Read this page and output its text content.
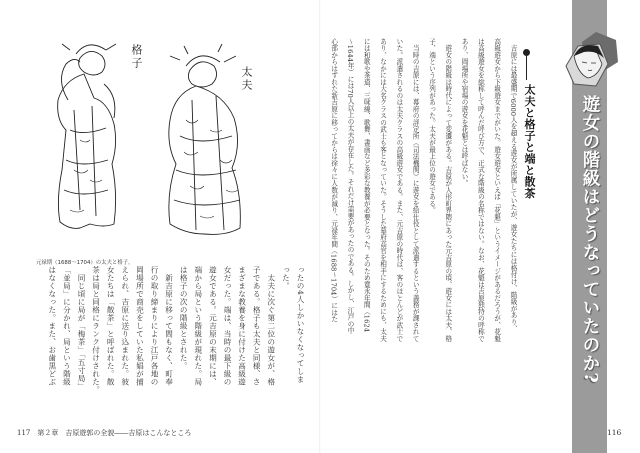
遊女の階級はどうなっていたのか?
太夫と格子と端と散茶
116
　吉原には最盛期で6000人を超える遊女が所属していたが、遊女たちには格付け、階級があり、
高級遊女から下級遊女までがいた。遊女遊女といえば「花魁」というイメージがあるだろうが、花魁
は高級遊女を総称して呼んだ呼び方で、正式な階級の名称ではない。なお、花魁は吉原独特の呼称で
あり、岡場所や宿場の遊女を花魁とは呼ばない。
　遊女の階級は時代によって変遷がある。吉原が人形町界隈にあった元吉原の頃、遊女には太夫、格
子、端という序列があった。太夫が最上位の遊女である。
　当時の吉原には、幕府の評定所（司法機関）に遊女を給仕役として派遣するという義務が課されて
いた。派遣されるのは太夫クラスの高級遊女である。また、元吉原の時代は、客のほとんどが武士で
あり、なかには大名クラスの武士も客となっていた。そうした幕府高官を相手にするためにも、太夫
には和歌や茶道、三味線、歌舞、書画など多彩な教養が必要となった。そのため寛永年間（1624
〜1644年）には70人以上の太夫が存在した。それだけ需要があったのである。しかし、江戸の中
心部からはずれた新吉原に移ってからは徐々に人数が減り、元禄年間（1688〜1704）にはた
格子
太夫
元禄期（1688〜1704）の太夫と格子。
ったの4人しかいなくなってしま
った。
　太夫に次ぐ第二位の遊女が、格
子である。格子も太夫と同様、さ
まざまな教養を身に付けた高級遊
女だった。端は、当時の最下級の
遊女である。元吉原の末期には、
端から局という階級が現れた。局
は格子の次の階級とされた。
　新吉原に移って間もなく、町奉
行の取り締まりにより江戸各地の
岡場所で商売をしていた私娼が捕
えられ、吉原に送り込まれた。彼
女たちは「散茶」と呼ばれた。散
茶は局と同格にランク付けされた。
　同じ頃に局が「梅茶」「五寸局」
「並局」に分かれ、局という階級
はなくなった。また、お歯黒どぶ
117　第２章　吉原遊郭の全貌――吉原はこんなところ
